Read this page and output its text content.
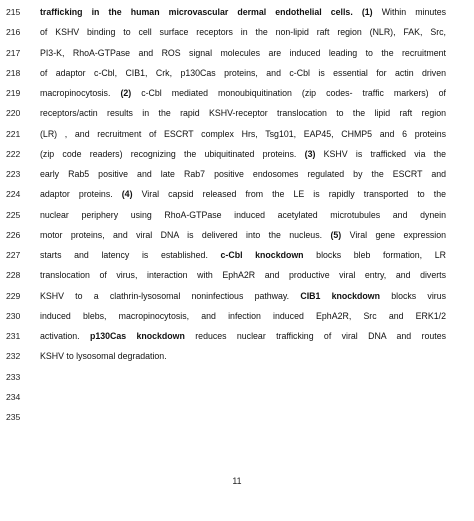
215	trafficking in the human microvascular dermal endothelial cells. (1) Within minutes
216	of KSHV binding to cell surface receptors in the non-lipid raft region (NLR), FAK, Src,
217	PI3-K, RhoA-GTPase and ROS signal molecules are induced leading to the recruitment
218	of adaptor c-Cbl, CIB1, Crk, p130Cas proteins, and c-Cbl is essential for actin driven
219	macropinocytosis. (2) c-Cbl mediated monoubiquitination (zip codes- traffic markers) of
220	receptors/actin results in the rapid KSHV-receptor translocation to the lipid raft region
221	(LR) , and recruitment of ESCRT complex Hrs, Tsg101, EAP45, CHMP5 and 6 proteins
222	(zip code readers) recognizing the ubiquitinated proteins. (3) KSHV is trafficked via the
223	early Rab5 positive and late Rab7 positive endosomes regulated by the ESCRT and
224	adaptor proteins. (4) Viral capsid released from the LE is rapidly transported to the
225	nuclear periphery using RhoA-GTPase induced acetylated microtubules and dynein
226	motor proteins, and viral DNA is delivered into the nucleus. (5) Viral gene expression
227	starts and latency is established. c-Cbl knockdown blocks bleb formation, LR
228	translocation of virus, interaction with EphA2R and productive viral entry, and diverts
229	KSHV to a clathrin-lysosomal noninfectious pathway. CIB1 knockdown blocks virus
230	induced blebs, macropinocytosis, and infection induced EphA2R, Src and ERK1/2
231	activation. p130Cas knockdown reduces nuclear trafficking of viral DNA and routes
232	KSHV to lysosomal degradation.
233
234
235
11
